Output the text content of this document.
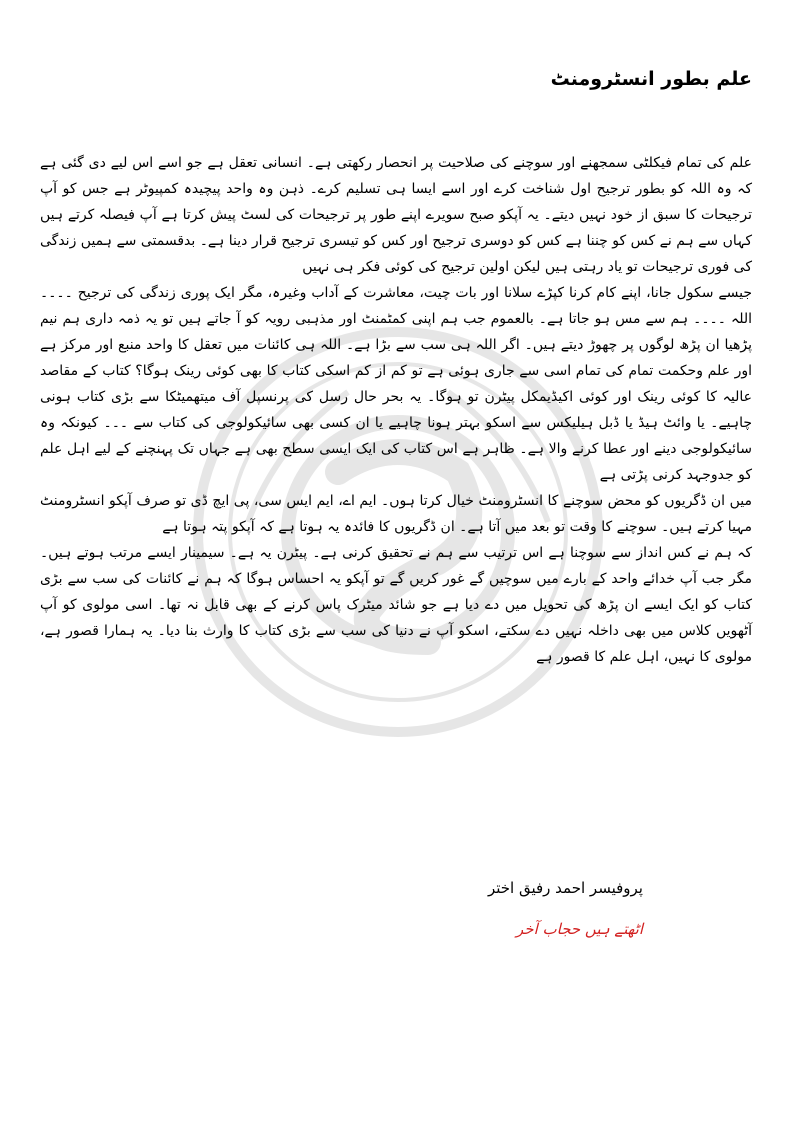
علم بطور انسٹرومنٹ

علم کی تمام فیکلٹی سمجھنے اور سوچنے کی صلاحیت پر انحصار رکھتی ہے۔ انسانی تعقل ہے جو اسے اس لیے دی گئی ہے کہ وہ اللہ کو بطور ترجیح اول شناخت کرے اور اسے ایسا ہی تسلیم کرے۔ ذہن وہ واحد پیچیدہ کمپیوٹر ہے جس کو آپ ترجیحات کا سبق از خود نہیں دیتے۔ یہ آپکو صبح سویرے اپنے طور پر ترجیحات کی لسٹ پیش کرتا ہے آپ فیصلہ کرتے ہیں کہاں سے ہم نے کس کو چننا ہے کس کو دوسری ترجیح اور کس کو تیسری ترجیح قرار دینا ہے۔ بدقسمتی سے ہمیں زندگی کی فوری ترجیحات تو یاد رہتی ہیں لیکن اولین ترجیح کی کوئی فکر ہی نہیں

جیسے سکول جانا، اپنے کام کرنا کپڑے سلانا اور بات چیت، معاشرت کے آداب وغیرہ، مگر ایک پوری زندگی کی ترجیح ۔۔۔۔ اللہ ۔۔۔۔ ہم سے مس ہو جاتا ہے۔ بالعموم جب ہم اپنی کمٹمنٹ اور مذہبی رویہ کو آ جاتے ہیں تو یہ ذمہ داری ہم نیم پڑھیا ان پڑھ لوگوں پر چھوڑ دیتے ہیں۔ اگر اللہ ہی سب سے بڑا ہے۔ اللہ ہی کائنات میں تعقل کا واحد منبع اور مرکز ہے اور علم وحکمت تمام کی تمام اسی سے جاری ہوئی ہے تو کم از کم اسکی کتاب کا بھی کوئی رینک ہوگا؟ کتاب کے مقاصد عالیہ کا کوئی رینک اور کوئی اکیڈیمکل پیٹرن تو ہوگا۔ یہ بحر حال رسل کی پرنسپل آف میتھمیٹکا سے بڑی کتاب ہونی چاہیے۔ یا وائٹ ہیڈ یا ڈبل ہیلیکس سے اسکو بہتر ہونا چاہیے یا ان کسی بھی سائیکولوجی کی کتاب سے ۔۔۔ کیونکہ وہ سائیکولوجی دینے اور عطا کرنے والا ہے۔ ظاہر ہے اس کتاب کی ایک ایسی سطح بھی ہے جہاں تک پہنچنے کے لیے اہل علم کو جدوجہد کرنی پڑتی ہے

میں ان ڈگریوں کو محض سوچنے کا انسٹرومنٹ خیال کرتا ہوں۔ ایم اے، ایم ایس سی، پی ایچ ڈی تو صرف آپکو انسٹرومنٹ مہیا کرتے ہیں۔ سوچنے کا وقت تو بعد میں آتا ہے۔ ان ڈگریوں کا فائدہ یہ ہوتا ہے کہ آپکو پتہ ہوتا ہے

کہ ہم نے کس انداز سے سوچنا ہے اس ترتیب سے ہم نے تحقیق کرنی ہے۔ پیٹرن یہ ہے۔ سیمینار ایسے مرتب ہوتے ہیں۔ مگر جب آپ خدائے واحد کے بارے میں سوچیں گے غور کریں گے تو آپکو یہ احساس ہوگا کہ ہم نے کائنات کی سب سے بڑی کتاب کو ایک ایسے ان پڑھ کی تحویل میں دے دیا ہے جو شائد میٹرک پاس کرنے کے بھی قابل نہ تھا۔ اسی مولوی کو آپ آٹھویں کلاس میں بھی داخلہ نہیں دے سکتے، اسکو آپ نے دنیا کی سب سے بڑی کتاب کا وارث بنا دیا۔ یہ ہمارا قصور ہے، مولوی کا نہیں، اہل علم کا قصور ہے

پروفیسر احمد رفیق اختر
اٹھتے ہیں حجاب آخر
